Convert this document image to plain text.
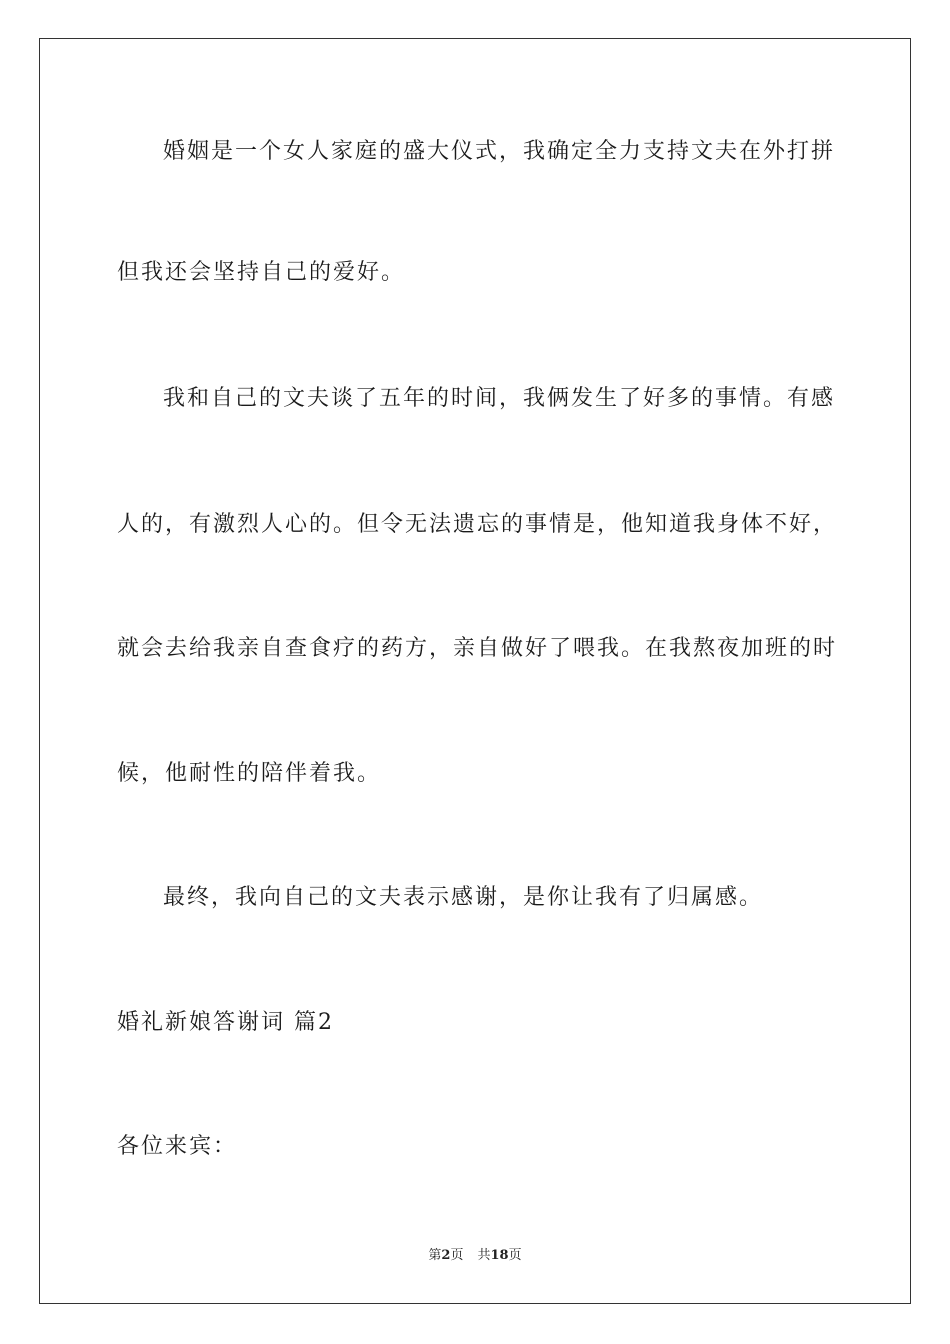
婚姻是一个女人家庭的盛大仪式，我确定全力支持文夫在外打拼
但我还会坚持自己的爱好。
我和自己的文夫谈了五年的时间，我俩发生了好多的事情。有感
人的，有激烈人心的。但令无法遗忘的事情是，他知道我身体不好，
就会去给我亲自查食疗的药方，亲自做好了喂我。在我熬夜加班的时
候，他耐性的陪伴着我。
最终，我向自己的文夫表示感谢，是你让我有了归属感。
婚礼新娘答谢词 篇2
各位来宾：
第2页 共18页
